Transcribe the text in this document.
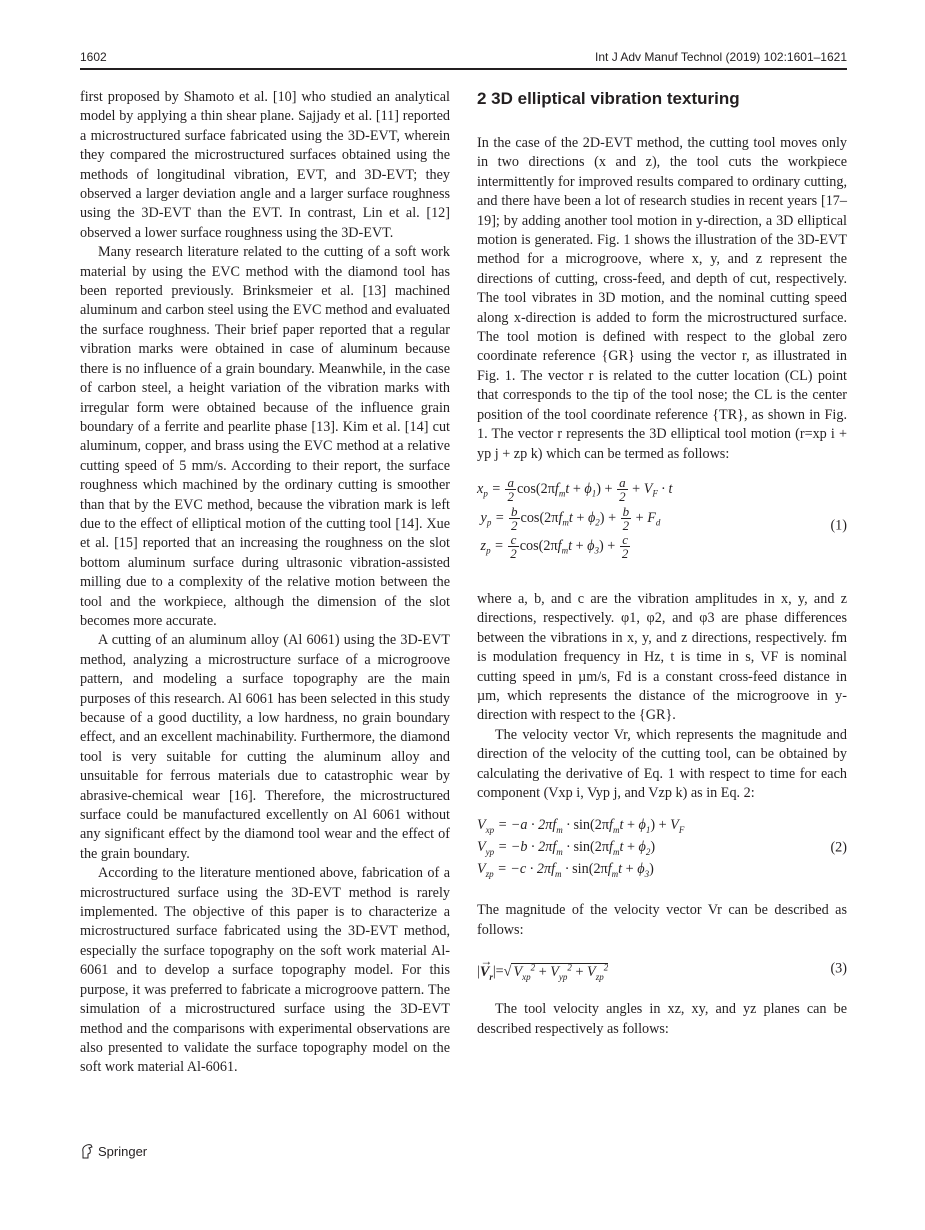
1602	Int J Adv Manuf Technol (2019) 102:1601–1621

first proposed by Shamoto et al. [10] who studied an analytical model by applying a thin shear plane. Sajjady et al. [11] reported a microstructured surface fabricated using the 3D-EVT, wherein they compared the microstructured surfaces obtained using the methods of longitudinal vibration, EVT, and 3D-EVT; they observed a larger deviation angle and a larger surface roughness using the 3D-EVT than the EVT. In contrast, Lin et al. [12] observed a lower surface roughness using the 3D-EVT.

Many research literature related to the cutting of a soft work material by using the EVC method with the diamond tool has been reported previously. Brinksmeier et al. [13] machined aluminum and carbon steel using the EVC method and evaluated the surface roughness. Their brief paper reported that a regular vibration marks were obtained in case of aluminum because there is no influence of a grain boundary. Meanwhile, in the case of carbon steel, a height variation of the vibration marks with irregular form were obtained because of the influence grain boundary of a ferrite and pearlite phase [13]. Kim et al. [14] cut aluminum, copper, and brass using the EVC method at a relative cutting speed of 5 mm/s. According to their report, the surface roughness which machined by the ordinary cutting is smoother than that by the EVC method, because the vibration mark is left due to the effect of elliptical motion of the cutting tool [14]. Xue et al. [15] reported that an increasing the roughness on the slot bottom aluminum surface during ultrasonic vibration-assisted milling due to a complexity of the relative motion between the tool and the workpiece, although the dimension of the slot becomes more accurate.

A cutting of an aluminum alloy (Al 6061) using the 3D-EVT method, analyzing a microstructure surface of a microgroove pattern, and modeling a surface topography are the main purposes of this research. Al 6061 has been selected in this study because of a good ductility, a low hardness, no grain boundary effect, and an excellent machinability. Furthermore, the diamond tool is very suitable for cutting the aluminum alloy and unsuitable for ferrous materials due to catastrophic wear by abrasive-chemical wear [16]. Therefore, the microstructured surface could be manufactured excellently on Al 6061 without any significant effect by the diamond tool wear and the effect of the grain boundary.

According to the literature mentioned above, fabrication of a microstructured surface using the 3D-EVT method is rarely implemented. The objective of this paper is to characterize a microstructured surface fabricated using the 3D-EVT method, especially the surface topography on the soft work material Al-6061 and to develop a surface topography model. For this purpose, it was preferred to fabricate a microgroove pattern. The simulation of a microstructured surface using the 3D-EVT method and the comparisons with experimental observations are also presented to validate the surface topography model on the soft work material Al-6061.

2 3D elliptical vibration texturing

In the case of the 2D-EVT method, the cutting tool moves only in two directions (x and z), the tool cuts the workpiece intermittently for improved results compared to ordinary cutting, and there have been a lot of research studies in recent years [17–19]; by adding another tool motion in y-direction, a 3D elliptical motion is generated. Fig. 1 shows the illustration of the 3D-EVT method for a microgroove, where x, y, and z represent the directions of cutting, cross-feed, and depth of cut, respectively. The tool vibrates in 3D motion, and the nominal cutting speed along x-direction is added to form the microstructured surface. The tool motion is defined with respect to the global zero coordinate reference {GR} using the vector r, as illustrated in Fig. 1. The vector r is related to the cutter location (CL) point that corresponds to the tip of the tool nose; the CL is the center position of the tool coordinate reference {TR}, as shown in Fig. 1. The vector r represents the 3D elliptical tool motion (r=xp i + yp j + zp k) which can be termed as follows:

$x_p = \frac{a}{2} \cos(2\pi f_mt + \phi_1) + \frac{a}{2} + V_F \cdot t$
$y_p = \frac{b}{2} \cos(2\pi f_mt + \phi_2) + \frac{b}{2} + F_d$
$z_p = \frac{c}{2} \cos(2\pi f_mt + \phi_3) + \frac{c}{2}$
(1)

where a, b, and c are the vibration amplitudes in x, y, and z directions, respectively. φ1, φ2, and φ3 are phase differences between the vibrations in x, y, and z directions, respectively. fm is modulation frequency in Hz, t is time in s, VF is nominal cutting speed in µm/s, Fd is a constant cross-feed distance in µm, which represents the distance of the microgroove in y-direction with respect to the {GR}.

The velocity vector Vr, which represents the magnitude and direction of the velocity of the cutting tool, can be obtained by calculating the derivative of Eq. 1 with respect to time for each component (Vxp i, Vyp j, and Vzp k) as in Eq. 2:

$V_{xp} = -a \cdot 2\pi f_m \cdot \sin(2\pi f_mt + \phi_1) + V_F$
$V_{yp} = -b \cdot 2\pi f_m \cdot \sin(2\pi f_mt + \phi_2)$
$V_{zp} = -c \cdot 2\pi f_m \cdot \sin(2\pi f_mt + \phi_3)$
(2)

The magnitude of the velocity vector Vr can be described as follows:

|→ $V_r|=√$ $V_{xp}^2 + V_{yp}^2 + V_{zp}^2$	(3)

The tool velocity angles in xz, xy, and yz planes can be described respectively as follows:

Springer
